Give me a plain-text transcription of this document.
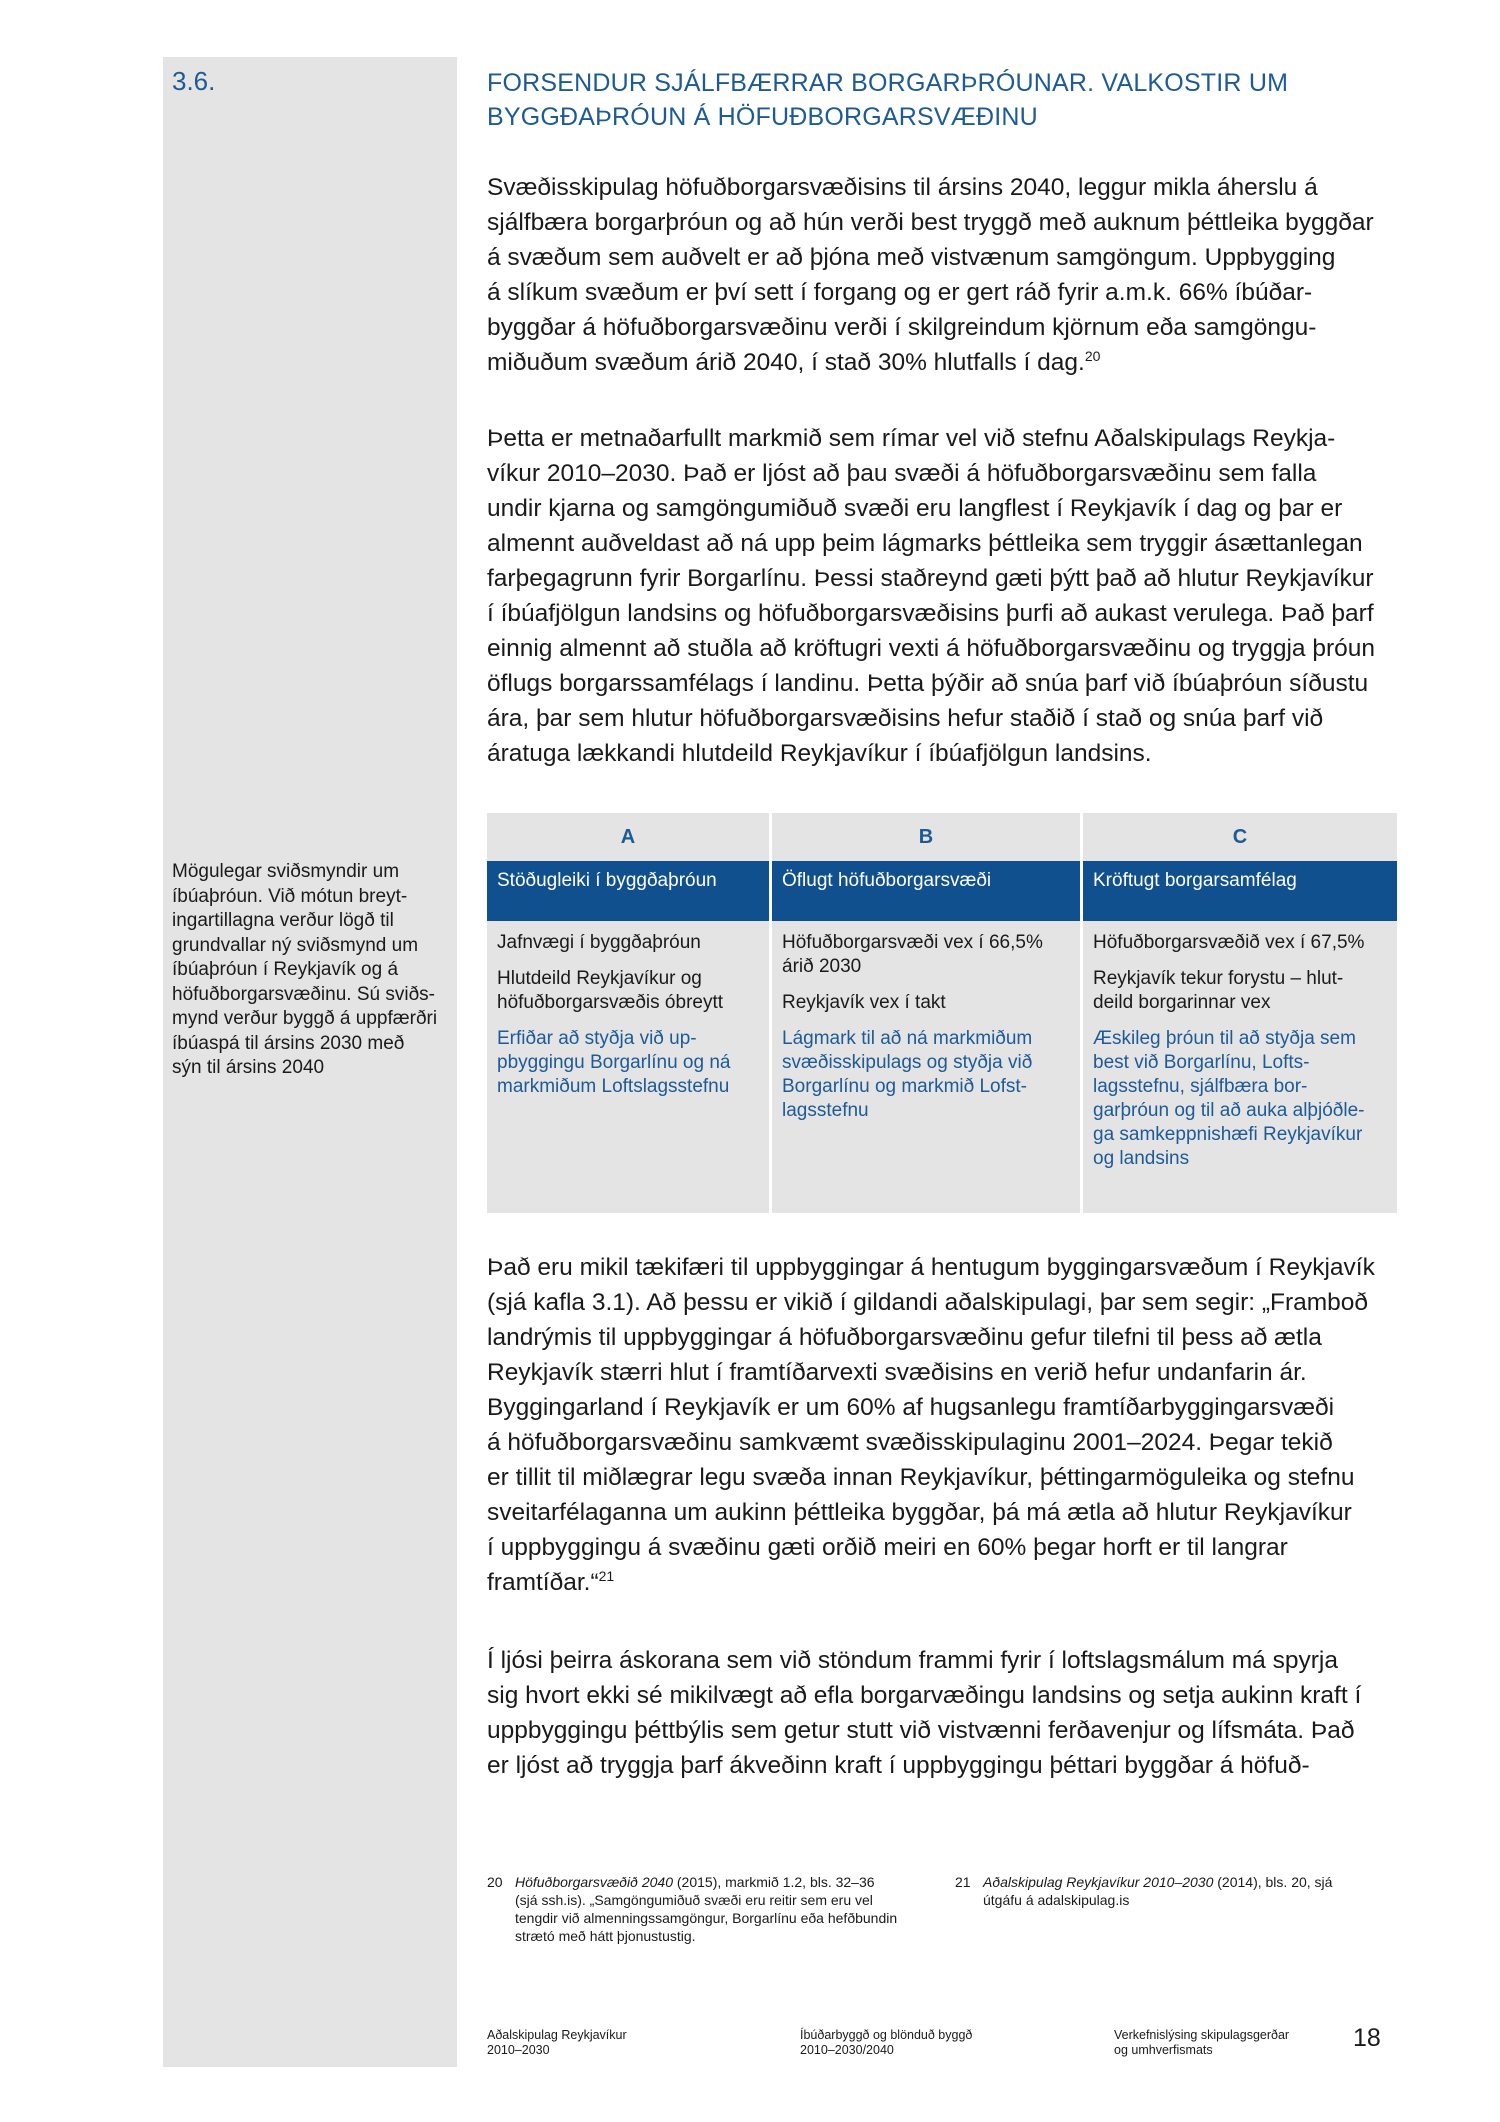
3.6.	FORSENDUR SJÁLFBÆRRAR BORGARÞRÓUNAR. VALKOSTIR UM
BYGGÐAÞRÓUN Á HÖFUÐBORGARSVÆÐINU

Svæðisskipulag höfuðborgarsvæðisins til ársins 2040, leggur mikla áherslu á
sjálfbæra borgarþróun og að hún verði best tryggð með auknum þéttleika byggðar
á svæðum sem auðvelt er að þjóna með vistvænum samgöngum. Uppbygging
á slíkum svæðum er því sett í forgang og er gert ráð fyrir a.m.k. 66% íbúðar-
byggðar á höfuðborgarsvæðinu verði í skilgreindum kjörnum eða samgöngu-
miðuðum svæðum árið 2040, í stað 30% hlutfalls í dag.$^{20}$

Þetta er metnaðarfullt markmið sem rímar vel við stefnu Aðalskipulags Reykja-
víkur 2010–2030. Það er ljóst að þau svæði á höfuðborgarsvæðinu sem falla
undir kjarna og samgöngumiðuð svæði eru langflest í Reykjavík í dag og þar er
almennt auðveldast að ná upp þeim lágmarks þéttleika sem tryggir ásættanlegan
farþegagrunn fyrir Borgarlínu. Þessi staðreynd gæti þýtt það að hlutur Reykjavíkur
í íbúafjölgun landsins og höfuðborgarsvæðisins þurfi að aukast verulega. Það þarf
einnig almennt að stuðla að kröftugri vexti á höfuðborgarsvæðinu og tryggja þróun
öflugs borgarssamfélags í landinu. Þetta þýðir að snúa þarf við íbúaþróun síðustu
ára, þar sem hlutur höfuðborgarsvæðisins hefur staðið í stað og snúa þarf við
áratuga lækkandi hlutdeild Reykjavíkur í íbúafjölgun landsins.

Mögulegar sviðsmyndir um
íbúaþróun. Við mótun breyt-
ingartillagna verður lögð til
grundvallar ný sviðsmynd um
íbúaþróun í Reykjavík og á
höfuðborgarsvæðinu. Sú sviðs-
mynd verður byggð á uppfærðri
íbúaspá til ársins 2030 með
sýn til ársins 2040

A
Stöðugleiki í byggðaþróun

Jafnvægi í byggðaþróun

Hlutdeild Reykjavíkur og
höfuðborgarsvæðis óbreytt

Erfiðar að styðja við up-
pbyggingu Borgarlínu og ná
markmiðum Loftslagsstefnu

B
Öflugt höfuðborgarsvæði

Höfuðborgarsvæði vex í 66,5%
árið 2030

Reykjavík vex í takt

Lágmark til að ná markmiðum
svæðisskipulags og styðja við
Borgarlínu og markmið Lofst-
lagsstefnu

C
Kröftugt borgarsamfélag

Höfuðborgarsvæðið vex í 67,5%

Reykjavík tekur forystu – hlut-
deild borgarinnar vex

Æskileg þróun til að styðja sem
best við Borgarlínu, Lofts-
lagsstefnu, sjálfbæra bor-
garþróun og til að auka alþjóðle-
ga samkeppnishæfi Reykjavíkur
og landsins

Það eru mikil tækifæri til uppbyggingar á hentugum byggingarsvæðum í Reykjavík
(sjá kafla 3.1). Að þessu er vikið í gildandi aðalskipulagi, þar sem segir: „Framboð
landrýmis til uppbyggingar á höfuðborgarsvæðinu gefur tilefni til þess að ætla
Reykjavík stærri hlut í framtíðarvexti svæðisins en verið hefur undanfarin ár.
Byggingarland í Reykjavík er um 60% af hugsanlegu framtíðarbyggingarsvæði
á höfuðborgarsvæðinu samkvæmt svæðisskipulaginu 2001–2024. Þegar tekið
er tillit til miðlægrar legu svæða innan Reykjavíkur, þéttingarmöguleika og stefnu
sveitarfélaganna um aukinn þéttleika byggðar, þá má ætla að hlutur Reykjavíkur
í uppbyggingu á svæðinu gæti orðið meiri en 60% þegar horft er til langrar
framtíðar.“$^{21}$

Í ljósi þeirra áskorana sem við stöndum frammi fyrir í loftslagsmálum má spyrja
sig hvort ekki sé mikilvægt að efla borgarvæðingu landsins og setja aukinn kraft í
uppbyggingu þéttbýlis sem getur stutt við vistvænni ferðavenjur og lífsmáta. Það
er ljóst að tryggja þarf ákveðinn kraft í uppbyggingu þéttari byggðar á höfuð-

20 Höfuðborgarsvæðið 2040 (2015), markmið 1.2, bls. 32–36
(sjá ssh.is). „Samgöngumiðuð svæði eru reitir sem eru vel
tengdir við almenningssamgöngur, Borgarlínu eða hefðbundin
strætó með hátt þjonustustig.

21 Aðalskipulag Reykjavíkur 2010–2030 (2014), bls. 20, sjá
útgáfu á adalskipulag.is

Aðalskipulag Reykjavíkur
2010–2030

Íbúðarbyggð og blönduð byggð
2010–2030/2040

Verkefnislýsing skipulagsgerðar
og umhverfismats	18
